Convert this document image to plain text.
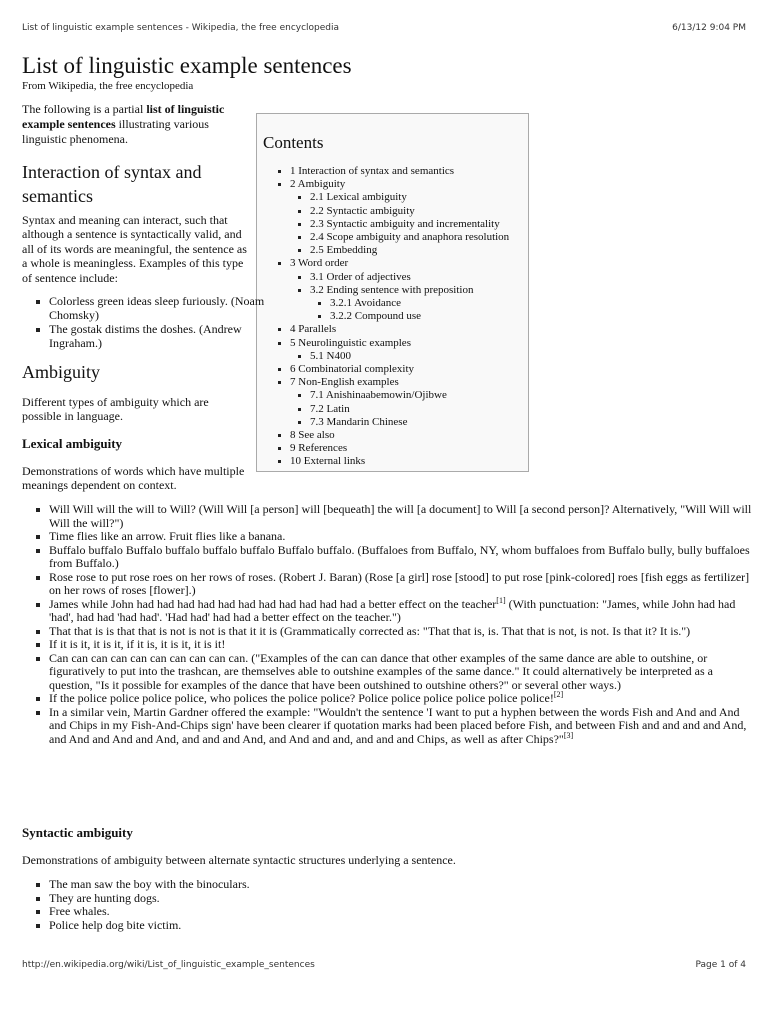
List of linguistic example sentences - Wikipedia, the free encyclopedia	6/13/12 9:04 PM
List of linguistic example sentences
From Wikipedia, the free encyclopedia

The following is a partial list of linguistic example sentences illustrating various linguistic phenomena.	Contents
1 Interaction of syntax and semantics
2 Ambiguity
2.1 Lexical ambiguity
2.2 Syntactic ambiguity
2.3 Syntactic ambiguity and incrementality
2.4 Scope ambiguity and anaphora resolution
2.5 Embedding
3 Word order
3.1 Order of adjectives
3.2 Ending sentence with preposition
3.2.1 Avoidance
3.2.2 Compound use
4 Parallels
5 Neurolinguistic examples
5.1 N400
6 Combinatorial complexity
7 Non-English examples
7.1 Anishinaabemowin/Ojibwe
7.2 Latin
7.3 Mandarin Chinese
8 See also
9 References
10 External links
Interaction of syntax and semantics

Syntax and meaning can interact, such that although a sentence is syntactically valid, and all of its words are meaningful, the sentence as a whole is meaningless. Examples of this type of sentence include:

Colorless green ideas sleep furiously. (Noam Chomsky)
The gostak distims the doshes. (Andrew Ingraham.)
Ambiguity

Different types of ambiguity which are possible in language.

Lexical ambiguity

Demonstrations of words which have multiple meanings dependent on context.

Will Will will the will to Will? (Will Will [a person] will [bequeath] the will [a document] to Will [a second person]? Alternatively, "Will Will will Will the will?")
Time flies like an arrow. Fruit flies like a banana.
Buffalo buffalo Buffalo buffalo buffalo buffalo Buffalo buffalo. (Buffaloes from Buffalo, NY, whom buffaloes from Buffalo bully, bully buffaloes from Buffalo.)
Rose rose to put rose roes on her rows of roses. (Robert J. Baran) (Rose [a girl] rose [stood] to put rose [pink-colored] roes [fish eggs as fertilizer] on her rows of roses [flower].)
James while John had had had had had had had had had had had a better effect on the teacher[1] (With punctuation: "James, while John had had 'had', had had 'had had'. 'Had had' had had a better effect on the teacher.")
That that is is that that is not is not is that it it is (Grammatically corrected as: "That that is, is. That that is not, is not. Is that it? It is.")
If it is it, it is it, if it is, it is it, it is it!
Can can can can can can can can can can. ("Examples of the can can dance that other examples of the same dance are able to outshine, or figuratively to put into the trashcan, are themselves able to outshine examples of the same dance." It could alternatively be interpreted as a question, "Is it possible for examples of the dance that have been outshined to outshine others?" or several other ways.)
If the police police police police, who polices the police police? Police police police police police police![2]
In a similar vein, Martin Gardner offered the example: "Wouldn't the sentence 'I want to put a hyphen between the words Fish and And and And and Chips in my Fish-And-Chips sign' have been clearer if quotation marks had been placed before Fish, and between Fish and and and and And, and And and And and And, and and and And, and And and and, and and and Chips, as well as after Chips?"[3]
Syntactic ambiguity

Demonstrations of ambiguity between alternate syntactic structures underlying a sentence.

The man saw the boy with the binoculars.
They are hunting dogs.
Free whales.
Police help dog bite victim.
http://en.wikipedia.org/wiki/List_of_linguistic_example_sentences	Page 1 of 4
